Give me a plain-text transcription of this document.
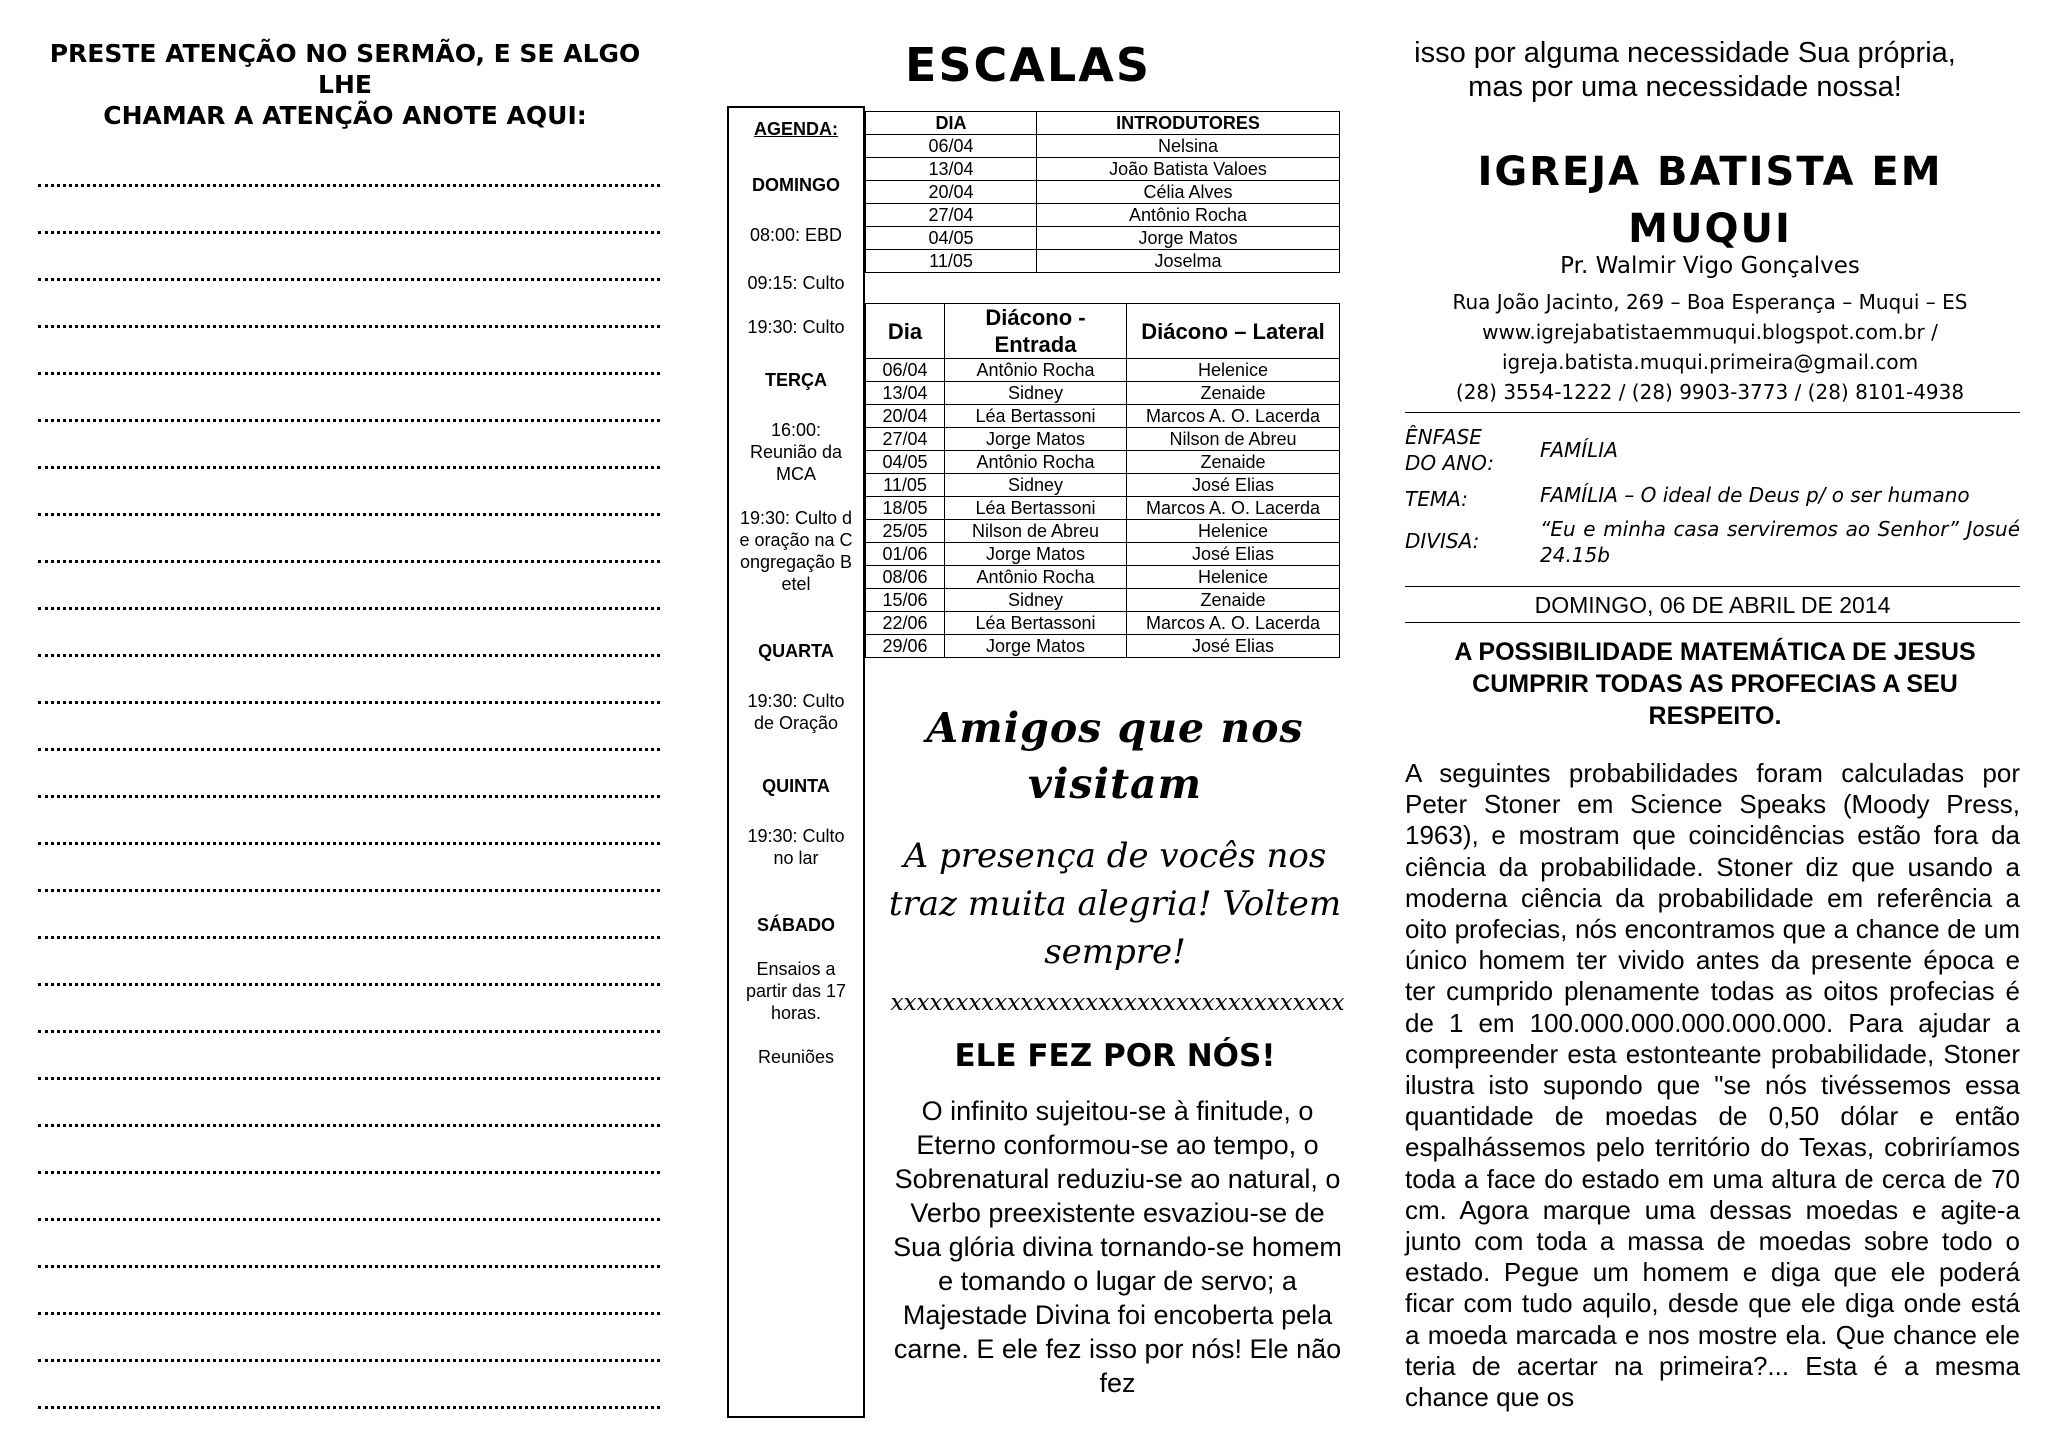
PRESTE ATENÇÃO NO SERMÃO, E SE ALGO LHE
CHAMAR A ATENÇÃO ANOTE AQUI:

ESCALAS
AGENDA:
DOMINGO
08:00: EBD
09:15: Culto
19:30: Culto
TERÇA
16:00: Reunião da MCA
19:30: Culto de oração na Congregação Betel
QUARTA
19:30: Culto de Oração
QUINTA
19:30: Culto no lar
SÁBADO
Ensaios a partir das 17 horas.
Reuniões
DIA	INTRODUTORES
06/04	Nelsina
13/04	João Batista Valoes
20/04	Célia Alves
27/04	Antônio Rocha
04/05	Jorge Matos
11/05	Joselma
Dia	Diácono - Entrada	Diácono – Lateral
06/04	Antônio Rocha	Helenice
13/04	Sidney	Zenaide
20/04	Léa Bertassoni	Marcos A. O. Lacerda
27/04	Jorge Matos	Nilson de Abreu
04/05	Antônio Rocha	Zenaide
11/05	Sidney	José Elias
18/05	Léa Bertassoni	Marcos A. O. Lacerda
25/05	Nilson de Abreu	Helenice
01/06	Jorge Matos	José Elias
08/06	Antônio Rocha	Helenice
15/06	Sidney	Zenaide
22/06	Léa Bertassoni	Marcos A. O. Lacerda
29/06	Jorge Matos	José Elias
Amigos que nos visitam

A presença de vocês nos traz muita alegria! Voltem sempre!

xxxxxxxxxxxxxxxxxxxxxxxxxxxxxxxxxxx
ELE FEZ POR NÓS!

O infinito sujeitou-se à finitude, o Eterno conformou-se ao tempo, o Sobrenatural reduziu-se ao natural, o Verbo preexistente esvaziou-se de Sua glória divina tornando-se homem e tomando o lugar de servo; a Majestade Divina foi encoberta pela carne. E ele fez isso por nós! Ele não fez

isso por alguma necessidade Sua própria, mas por uma necessidade nossa!
IGREJA BATISTA EM MUQUI
Pr. Walmir Vigo Gonçalves
Rua João Jacinto, 269 – Boa Esperança – Muqui – ES
www.igrejabatistaemmuqui.blogspot.com.br /
igreja.batista.muqui.primeira@gmail.com
(28) 3554-1222 / (28) 9903-3773 / (28) 8101-4938
ÊNFASE DO ANO:
FAMÍLIA
TEMA:	FAMÍLIA – O ideal de Deus p/ o ser humano
DIVISA:	“Eu e minha casa serviremos ao Senhor” Josué 24.15b
DOMINGO, 06 DE ABRIL DE 2014
A POSSIBILIDADE MATEMÁTICA DE JESUS CUMPRIR TODAS AS PROFECIAS A SEU RESPEITO.

A seguintes probabilidades foram calculadas por Peter Stoner em Science Speaks (Moody Press, 1963), e mostram que coincidências estão fora da ciência da probabilidade. Stoner diz que usando a moderna ciência da probabilidade em referência a oito profecias, nós encontramos que a chance de um único homem ter vivido antes da presente época e ter cumprido plenamente todas as oitos profecias é de 1 em 100.000.000.000.000.000. Para ajudar a compreender esta estonteante probabilidade, Stoner ilustra isto supondo que "se nós tivéssemos essa quantidade de moedas de 0,50 dólar e então espalhássemos pelo território do Texas, cobriríamos toda a face do estado em uma altura de cerca de 70 cm. Agora marque uma dessas moedas e agite-a junto com toda a massa de moedas sobre todo o estado. Pegue um homem e diga que ele poderá ficar com tudo aquilo, desde que ele diga onde está a moeda marcada e nos mostre ela. Que chance ele teria de acertar na primeira?... Esta é a mesma chance que os
